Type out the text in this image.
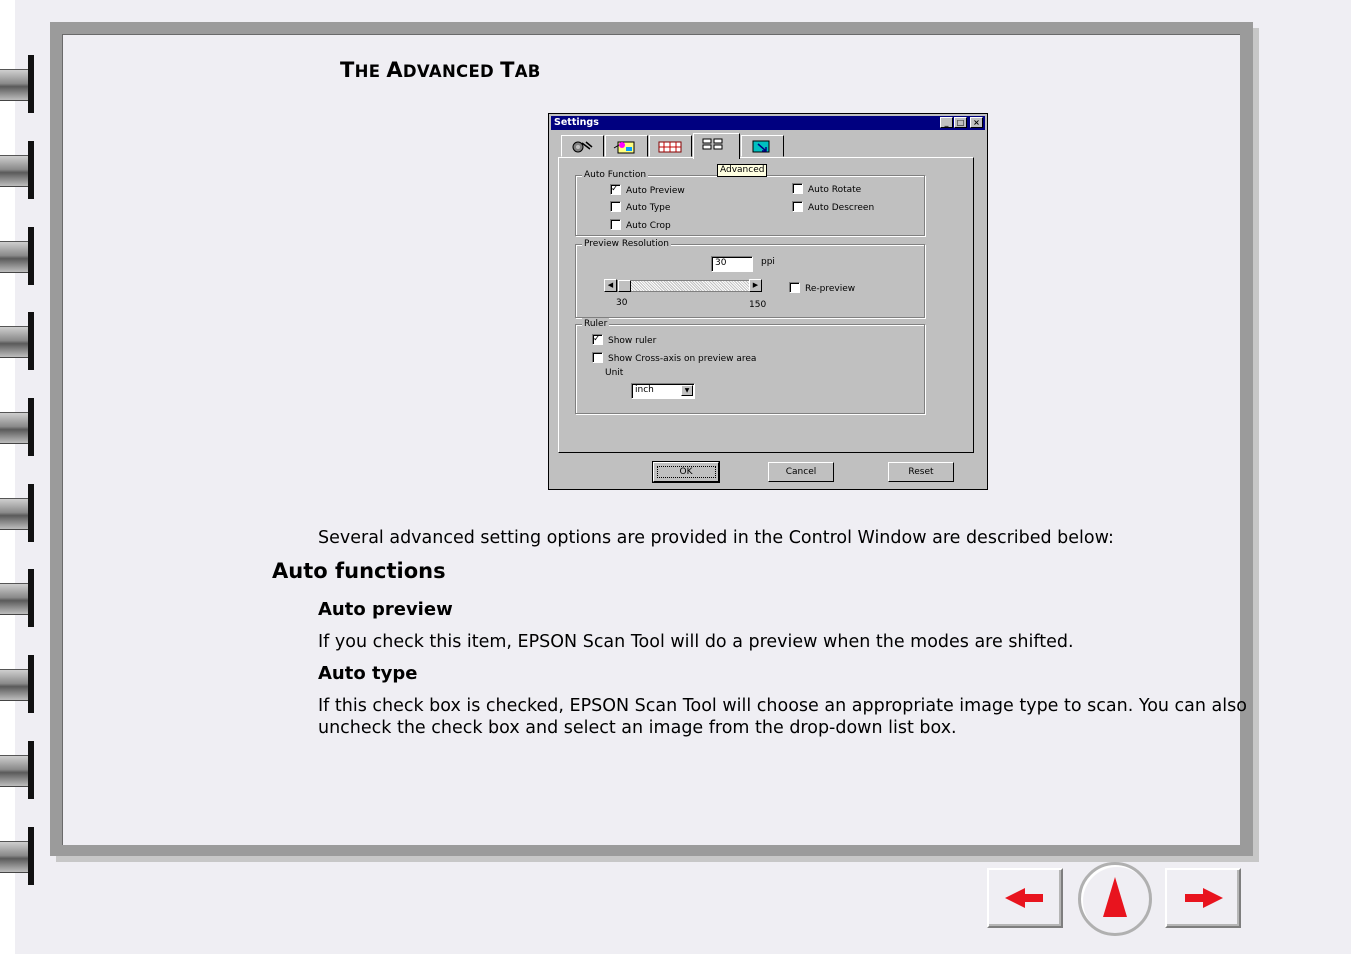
THE ADVANCED TAB
Settings	_	□	×
Advanced
Auto Function
✓Auto Preview
Auto Type
Auto Crop
Auto Rotate
Auto Descreen
Preview Resolution
30	ppi
◀	▶
30	150
Re-preview
Ruler
✓Show ruler
Show Cross-axis on preview area
Unit
inch	▼
OK	Cancel	Reset
Several advanced setting options are provided in the Control Window are described below:
Auto functions
Auto preview
If you check this item, EPSON Scan Tool will do a preview when the modes are shifted.
Auto type
If this check box is checked, EPSON Scan Tool will choose an appropriate image type to scan. You can also
uncheck the check box and select an image from the drop-down list box.
